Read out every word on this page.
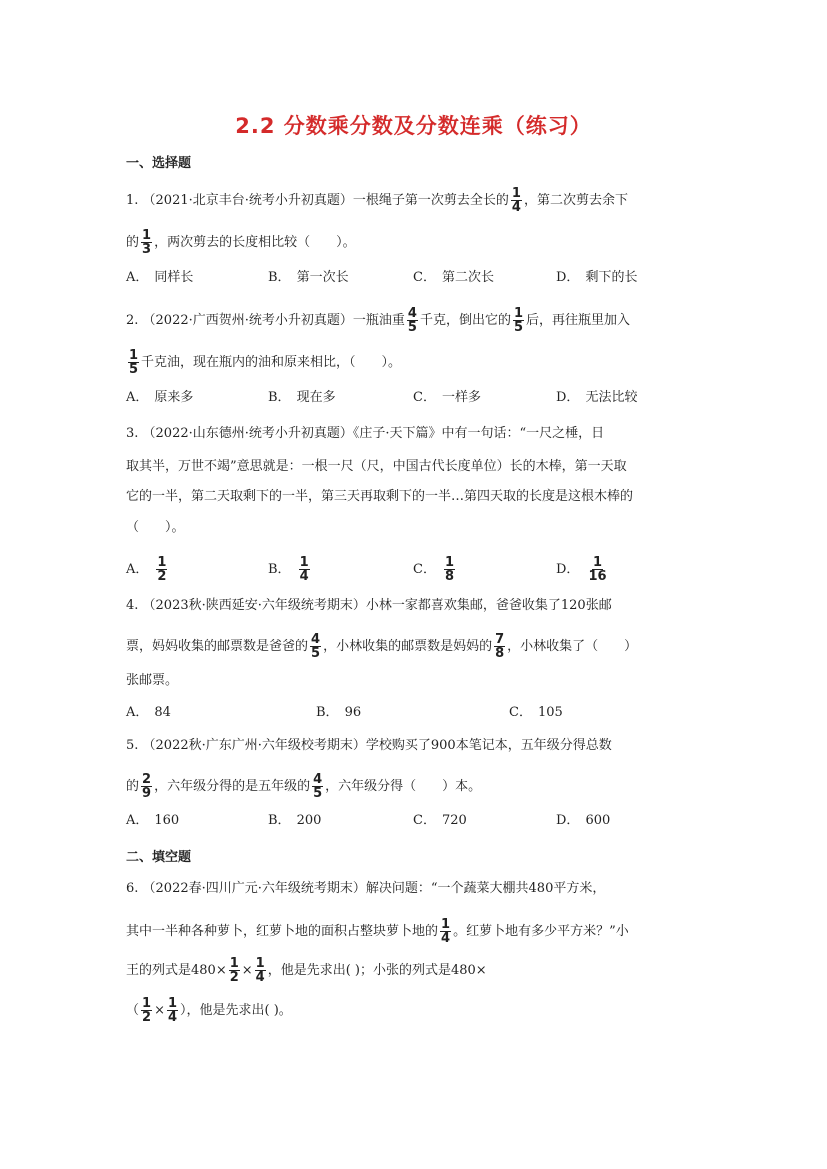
2.2 分数乘分数及分数连乘（练习）
一、选择题
1. （2021·北京丰台·统考小升初真题）一根绳子第一次剪去全长的 $\frac{1}{4}$ ，第二次剪去余下
的 $\frac{1}{3}$ ，两次剪去的长度相比较（　　）。
A． 同样长	B． 第一次长	C． 第二次长	D． 剩下的长
2. （2022·广西贺州·统考小升初真题）一瓶油重 $\frac{4}{5}$ 千克，倒出它的 $\frac{1}{5}$ 后，再往瓶里加入
$\frac{1}{5}$ 千克油，现在瓶内的油和原来相比，（　　）。
A． 原来多	B． 现在多	C． 一样多	D． 无法比较
3. （2022·山东德州·统考小升初真题）《庄子·天下篇》中有一句话：“一尺之棰，日
取其半，万世不竭”意思就是：一根一尺（尺，中国古代长度单位）长的木棒，第一天取
它的一半，第二天取剩下的一半，第三天再取剩下的一半…第四天取的长度是这根木棒的
（　　）。
A． $\frac{1}{2}$	B． $\frac{1}{4}$	C． $\frac{1}{8}$	D． $\frac{1}{16}$
4. （2023秋·陕西延安·六年级统考期末）小林一家都喜欢集邮，爸爸收集了120张邮
票，妈妈收集的邮票数是爸爸的 $\frac{4}{5}$ ，小林收集的邮票数是妈妈的 $\frac{7}{8}$ ，小林收集了（　　）
张邮票。
A． 84	B． 96	C． 105
5. （2022秋·广东广州·六年级校考期末）学校购买了900本笔记本，五年级分得总数
的 $\frac{2}{9}$ ，六年级分得的是五年级的 $\frac{4}{5}$ ，六年级分得（　　）本。
A． 160	B． 200	C． 720	D． 600
二、填空题
6. （2022春·四川广元·六年级统考期末）解决问题：“一个蔬菜大棚共480平方米，
其中一半种各种萝卜，红萝卜地的面积占整块萝卜地的 $\frac{1}{4}$ 。红萝卜地有多少平方米？”小
王的列式是$480\times \frac{1}{2} \times \frac{1}{4}$ ，他是先求出( )；小张的列式是480×
（ $\frac{1}{2} \times \frac{1}{4}$ ），他是先求出( )。
